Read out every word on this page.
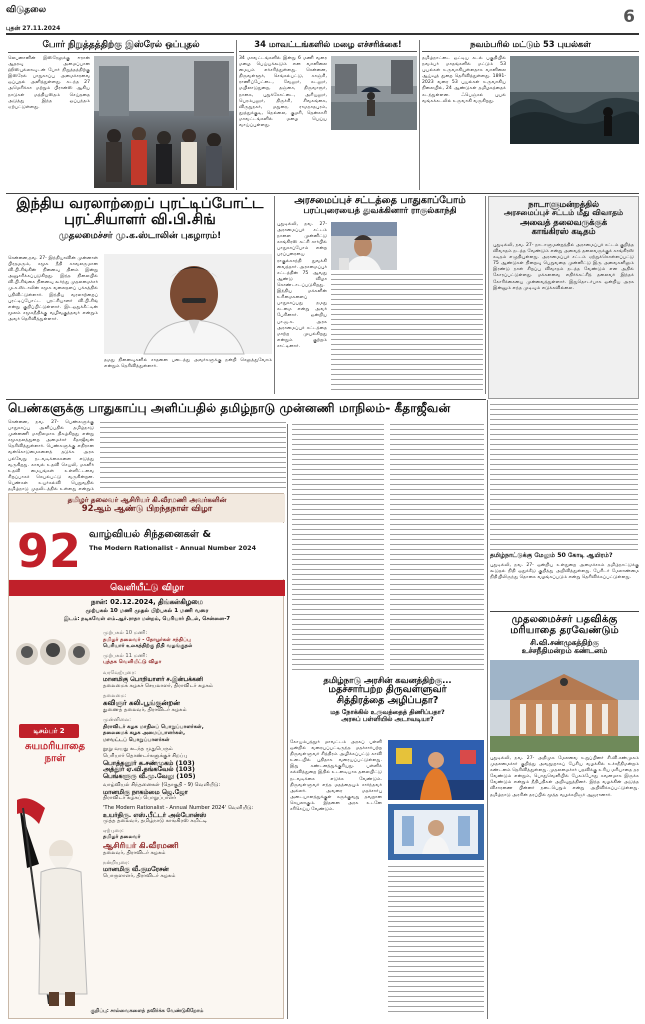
விடுதலை
புதன் 27.11.2024
6
போர் நிறுத்தத்திற்கு இஸ்ரேல் ஒப்புதல்
லெபனானின் இஸ்ரேலுக்கு ஈரான் ஆதரவு அமைப்பான ஹிஸ்புல்லாவுடன் போர் நிறுத்தத்திற்கு இஸ்ரேல் பாதுகாப்பு அமைச்சரவை ஒப்புதல் அளித்துள்ளது. கடந்த 27 அமெரிக்கா மற்றும் பிரான்ஸ் ஆகிய நாடுகள் மத்தியஸ்தம் செய்ததை அடுத்து இந்த ஒப்பந்தம் ஏற்பட்டுள்ளது.
34 மாவட்டங்களில் மழை எச்சரிக்கை!
34 மாவட்டங்களில் இன்று 6 மணி வரை மழை பெய்யக்கூடும் என வானிலை மையம் எச்சரித்துள்ளது. சென்னை, திருவள்ளூர், செங்கல்பட்டு, காஞ்சி, ராணிப்பேட்டை, வேலூர், கடலூர், மயிலாடுதுறை, தஞ்சை, திருவாரூர், நாகை, புதுக்கோட்டை, அரியலூர், பெரம்பலூர், திருச்சி, சிவகங்கை, விருதுநகர், மதுரை, ராமநாதபுரம், தூத்துக்குடி, நெல்லை, குமரி, தென்காசி மாவட்டங்களில் மழை பெய்ய வாய்ப்புள்ளது.
நவம்பரில் மட்டும் 53 புயல்கள்
தமிழ்நாட்டை ஒட்டிய கடல் பகுதியில் நவம்பர் மாதங்களில் மட்டும் 53 புயல்கள் உருவாகியுள்ளதாக வானிலை ஆய்வுத் துறை தெரிவித்துள்ளது. 1891-2023 வரை 53 புயல்கள் உருவாகிய நிலையில், 24 ஆண்டுகள் தமிழகத்தைக் கடந்துள்ளன. ஃபெஞ்சல் புயல் வங்கக்கடலில் உருவாகி வருகிறது.
இந்திய வரலாற்றைப் புரட்டிப்போட்ட
புரட்சியாளர் வி.பி.சிங்
முதலமைச்சர் மு.க.ஸ்டாலின் புகழாரம்!
சென்னை,நவ. 27- இந்தியாவின் முன்னாள் பிரதமரும், சமூக நீதி காவலருமான வி.பி.சிங்கின் நினைவு தினம் இன்று அனுசரிக்கப்படுகிறது. இந்த நிலையில் வி.பி.சிங்கை நினைவு கூர்ந்து முதலமைச்சர் மு.க.ஸ்டாலின் சமூக வலைதளப் பக்கத்தில் பதிவிட்டுள்ளார். இந்திய வரலாற்றைப் புரட்டிப்போட்ட புரட்சியாளர் வி.பி.சிங் என்று குறிப்பிட்டுள்ளார். இடஒதுக்கீட்டின் மூலம் சமூகநீதிக்கு வழிவகுத்தவர் என்றும் அவர் தெரிவித்துள்ளார்.
தமது நினைவுகளில் சாதனை படைத்து அவர்களுக்கு நன்றி செலுத்துவோம் என்றும் தெரிவித்துள்ளார்.
அரசமைப்புச் சட்டத்தை பாதுகாப்போம்
பரப்புரையைத் துவக்கினார் ராகுல்காந்தி
புதுடில்லி, நவ. 27- அரசமைப்புச் சட்டம் நாளை முன்னிட்டு காங்கிரஸ் கட்சி சார்பில் பாதுகாப்போம் என்ற பரப்புரையை ராகுல்காந்தி துவக்கி வைத்தார். அரசமைப்புச் சட்டத்தின் 75 ஆவது ஆண்டு விழா கொண்டாடப்படுகிறது. இந்திய மக்களின் உரிமைகளைப் பாதுகாப்பது நமது கடமை என்று அவர் பேசினார். ஒன்றிய பா.ஜ.க. அரசு அரசமைப்புச் சட்டத்தை மாற்ற முயல்கிறது என்றும் குற்றம் சாட்டினார்.
நாடாளுமன்றத்தில்
அரசமைப்புச் சட்டம் மீது விவாதம்
அவைத் தலைவருக்குக்
காங்கிரஸ் கடிதம்
புதுடில்லி, நவ. 27- நாடாளுமன்றத்தில் அரசமைப்புச் சட்டம் குறித்த விவாதம் நடத்த வேண்டும் என்று அவைத் தலைவருக்குக் காங்கிரஸ் கடிதம் எழுதியுள்ளது. அரசமைப்புச் சட்டம் ஏற்றுக்கொள்ளப்பட்டு 75 ஆண்டுகள் நிறைவு பெறுவதை முன்னிட்டு இரு அவைகளிலும் இரண்டு நாள் சிறப்பு விவாதம் நடத்த வேண்டும் என அதில் கோரப்பட்டுள்ளது. மக்களவை எதிர்க்கட்சித் தலைவர் இந்தக் கோரிக்கையை முன்வைத்துள்ளார். இதுதொடர்பாக ஒன்றிய அரசு இன்னும் எந்த முடிவும் எடுக்கவில்லை.
பெண்களுக்கு பாதுகாப்பு அளிப்பதில் தமிழ்நாடு முன்னணி மாநிலம்- கீதாஜீவன்
சென்னை, நவ. 27- பெண்களுக்கு பாதுகாப்பு அளிப்பதில் தமிழ்நாடு முன்னணி மாநிலமாக திகழ்கிறது என்று சமூகநலத்துறை அமைச்சர் கீதாஜீவன் தெரிவித்துள்ளார். பெண்களுக்கு எதிரான வன்கொடுமைகளைத் தடுக்க அரசு பல்வேறு நடவடிக்கைகளை எடுத்து வருகிறது. காவல் உதவி செயலி, மகளிர் உதவி மையங்கள் உள்ளிட்டவை சிறப்பாகச் செயல்பட்டு வருகின்றன. பெண்கள் உயர்கல்வி பெறுவதில் தமிழ்நாடு முதலிடத்தில் உள்ளது என்றும்
தமிழர் தலைவர் ஆசிரியர் கி.வீரமணி அவர்களின்
92ஆம் ஆண்டு பிறந்தநாள் விழா
92 வாழ்வியல் சிந்தனைகள் &
The Modern Rationalist - Annual Number 2024
வெளியீட்டு விழா
நாள்: 02.12.2024, திங்கள்கிழமை
முற்பகல் 10 மணி முதல் பிற்பகல் 1 மணி வரை
இடம்: நடிகவேள் எம்.ஆர்.ராதா மன்றம், பெரியார் திடல், சென்னை-7
டிசம்பர் 2
சுயமரியாதை நாள்
முற்பகல் 10 மணி:
தமிழர் தலைவர் - தோழர்கள் சந்திப்பு
பெரியார் உலகத்திற்கு நிதி வழங்குதல்
முற்பகல் 11 மணி:
புத்தக வெளியீட்டு விழா
வரவேற்புரை:
மானமிகு பொறியாளர் ச.இன்பக்கனி
தலைமைக் கழகச் செயலாளர், திராவிடர் கழகம்
தலைமை:
கவிஞர் கலி.பூங்குன்றன்
துணைத் தலைவர், திராவிடர் கழகம்
முன்னிலை:
திராவிடர் கழக மாநிலப் பொறுப்பாளர்கள்,
தலைமைக் கழக அமைப்பாளர்கள்,
மாவட்டப் பொறுப்பாளர்கள்
நூறு வயது கடந்த முதுபெரும்
பெரியார் தொண்டர்களுக்குச் சிறப்பு
பொத்தனூர் க.சண்முகம் (103)
அத்தூர் ஏ.வி.தங்கவேல் (103)
பெங்களூரு வீ.மு.வேலு (105)
வாழ்வியல் சிந்தனைகள் (தொகுதி - 9) வெளியீடு:
மானமிகு நாகம்மை ஜெ.ஜோ
திராவிடர் கழகப் பொறுப்பாளர்
'The Modern Rationalist - Annual Number 2024' வெளியீடு:
உயர்திரு. எஸ்.பீட்டர் அல்போன்ஸ்
முத்த தலைவர், தமிழ்நாடு காங்கிரஸ் கமிட்டி
ஏற்புரை:
தமிழர் தலைவர்
ஆசிரியர் கி.வீரமணி
தலைவர், திராவிடர் கழகம்
நன்றியுரை:
மானமிகு வீ.குமரேசன்
பொருளாளர், திராவிடர் கழகம்
குறிப்பு: சால்வைகளைத் தவிர்க்க வேண்டுகிறோம்
தமிழ்நாடு அரசின் கவனத்திற்கு...
மதச்சார்பற்ற திருவள்ளுவர்
சித்திரத்தை அழிப்பதா?
மத நோக்கில் உருவத்தைத் திணிப்பதா?
அரசுப் பள்ளியில் அடாவடியா?
கோயம்பத்தூர் மாவட்டம் அரசுப் பள்ளி ஒன்றில் வரையப்பட்டிருந்த மதச்சார்பற்ற திருவள்ளுவர் சித்திரம் அழிக்கப்பட்டு காவி உடையில் புதிதாக வரையப்பட்டுள்ளது. இது கண்டனத்துக்குரியது. பள்ளிக் கல்வித்துறை இதில் உடனடியாக தலையிட்டு நடவடிக்கை எடுக்க வேண்டும். திருவள்ளுவர் எந்த மதத்தையும் சார்ந்தவர் அல்லர். அவரை மதச்சார்பு அடையாளத்துக்குள் சுருக்குவது தவறான செயலாகும். இதனை அரசு உடனே சரிசெய்ய வேண்டும்.
தமிழ்நாட்டுக்கு மேலும் 50 கோடி ஆயிரம்?
புதுடில்லி, நவ. 27- ஒன்றிய உள்துறை அமைச்சகம் தமிழ்நாட்டுக்கு கூடுதல் நிதி ஒதுக்கீடு குறித்து அறிவித்துள்ளது. பேரிடர் மேலாண்மை நிதியிலிருந்து தொகை வழங்கப்படும் என்று தெரிவிக்கப்பட்டுள்ளது.
முதலமைச்சர் பதவிக்கு
மரியாதை தரவேண்டும்
சி.வி.சண்முகத்திற்கு
உச்சநீதிமன்றம் கண்டனம்
புதுடில்லி, நவ. 27- அதிமுக மேலவை உறுப்பினர் சி.வி.சண்முகம் முதலமைச்சர் குறித்து அவதூறாகப் பேசிய வழக்கில் உச்சநீதிமன்றம் கண்டனம் தெரிவித்துள்ளது. முதலமைச்சர் பதவிக்கு உரிய மரியாதை தர வேண்டும் என்றும், பொதுவெளியில் பேசும்போது கவனமாக இருக்க வேண்டும் என்றும் நீதிபதிகள் அறிவுறுத்தினர். இந்த வழக்கின் அடுத்த விசாரணை பின்னர் நடைபெறும் என்று அறிவிக்கப்பட்டுள்ளது. தமிழ்நாடு அரசின் தரப்பில் மூத்த வழக்கறிஞர் ஆஜரானார்.
